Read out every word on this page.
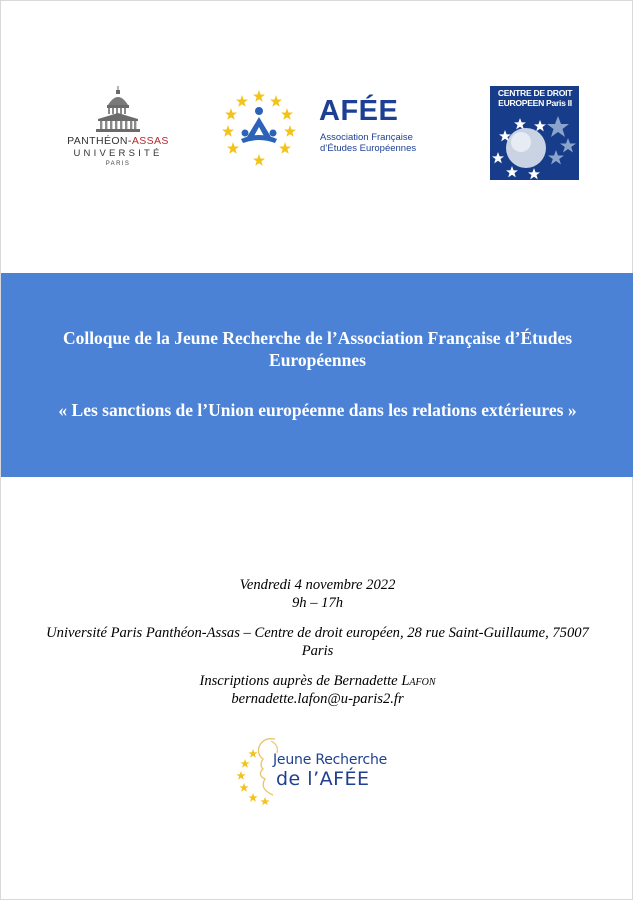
PANTHÉON-ASSAS
UNIVERSITÉ
PARIS
AFÉE
Association Française
d’Études Européennes
CENTRE DE DROIT
EUROPEEN Paris II
Colloque de la Jeune Recherche de l’Association Française d’Études Européennes
« Les sanctions de l’Union européenne dans les relations extérieures »

Vendredi 4 novembre 2022

9h – 17h

Université Paris Panthéon-Assas – Centre de droit européen, 28 rue Saint-Guillaume, 75007 Paris

Inscriptions auprès de Bernadette Lafon

bernadette.lafon@u-paris2.fr

Jeune Recherche
de l’AFÉE
